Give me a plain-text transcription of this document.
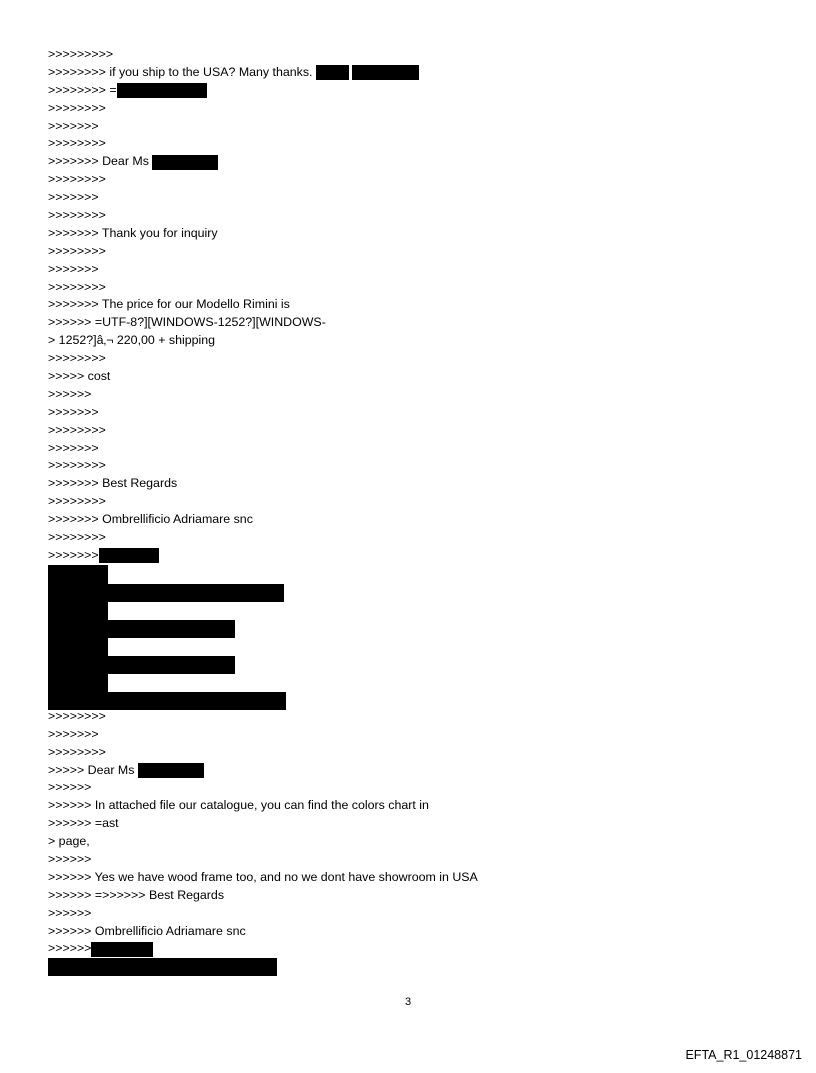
>>>>>>>>>
>>>>>>>> if you ship to the USA? Many thanks.
>>>>>>>> =
>>>>>>>>
>>>>>>>
>>>>>>>>
>>>>>>> Dear Ms
>>>>>>>>
>>>>>>>
>>>>>>>>
>>>>>>> Thank you for inquiry
>>>>>>>>
>>>>>>>
>>>>>>>>
>>>>>>> The price for our Modello Rimini is
>>>>>> =UTF-8?][WINDOWS-1252?][WINDOWS-
> 1252?]â‚¬ 220,00 + shipping
>>>>>>>>
>>>>> cost
>>>>>>
>>>>>>>
>>>>>>>>
>>>>>>>
>>>>>>>>
>>>>>>> Best Regards
>>>>>>>>
>>>>>>> Ombrellificio Adriamare snc
>>>>>>>>
>>>>>>>
>>>>>>>>
>>>>>>>
>>>>>>>>
>>>>> Dear Ms
>>>>>>
>>>>>> In attached file our catalogue, you can find the colors chart in
>>>>>> =ast
> page,
>>>>>>
>>>>>> Yes we have wood frame too, and no we dont have showroom in USA
>>>>>> =>>>>>> Best Regards
>>>>>>
>>>>>> Ombrellificio Adriamare snc
>>>>>>
3
EFTA_R1_01248871
